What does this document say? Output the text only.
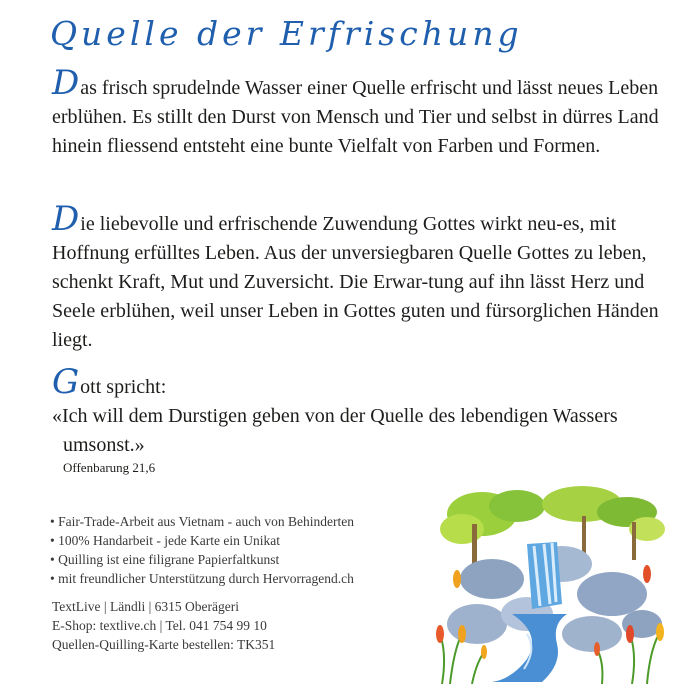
Quelle der Erfrischung

Das frisch sprudelnde Wasser einer Quelle erfrischt und lässt neues Leben erblühen. Es stillt den Durst von Mensch und Tier und selbst in dürres Land hinein fliessend entsteht eine bunte Vielfalt von Farben und Formen.

Die liebevolle und erfrischende Zuwendung Gottes wirkt neu-es, mit Hoffnung erfülltes Leben. Aus der unversiegbaren Quelle Gottes zu leben, schenkt Kraft, Mut und Zuversicht. Die Erwar-tung auf ihn lässt Herz und Seele erblühen, weil unser Leben in Gottes guten und fürsorglichen Händen liegt.

Gott spricht:
«Ich will dem Durstigen geben von der Quelle des lebendigen Wassers umsonst.»

Offenbarung 21,6
• Fair-Trade-Arbeit aus Vietnam - auch von Behinderten
• 100% Handarbeit - jede Karte ein Unikat
• Quilling ist eine filigrane Papierfaltkunst
• mit freundlicher Unterstützung durch Hervorragend.ch
TextLive | Ländli | 6315 Oberägeri
E-Shop: textlive.ch | Tel. 041 754 99 10
Quellen-Quilling-Karte bestellen: TK351
